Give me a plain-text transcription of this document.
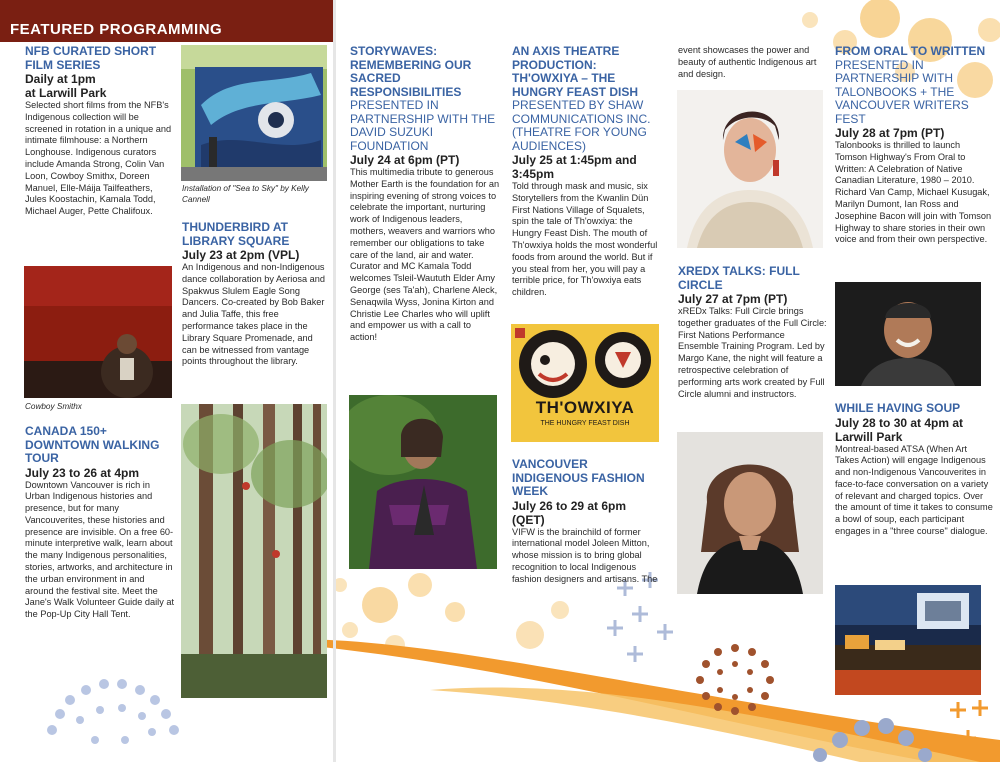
FEATURED PROGRAMMING
NFB CURATED SHORT FILM SERIES
Daily at 1pm
at Larwill Park
Selected short films from the NFB's Indigenous collection will be screened in rotation in a unique and intimate filmhouse: a Northern Longhouse. Indigenous curators include Amanda Strong, Colin Van Loon, Cowboy Smithx, Doreen Manuel, Elle-Máija Tailfeathers, Jules Koostachin, Kamala Todd, Michael Auger, Pette Chalifoux.
Cowboy Smithx
CANADA 150+ DOWNTOWN WALKING TOUR
July 23 to 26 at 4pm
Downtown Vancouver is rich in Urban Indigenous histories and presence, but for many Vancouverites, these histories and presence are invisible. On a free 60-minute interpretive walk, learn about the many Indigenous personalities, stories, artworks, and architecture in the urban environment in and around the festival site. Meet the Jane's Walk Volunteer Guide daily at the Pop-Up City Hall Tent.
Installation of "Sea to Sky" by Kelly Cannell
THUNDERBIRD AT LIBRARY SQUARE
July 23 at 2pm (VPL)
An Indigenous and non-Indigenous dance collaboration by Aeriosa and Spakwus Slulem Eagle Song Dancers. Co-created by Bob Baker and Julia Taffe, this free performance takes place in the Library Square Promenade, and can be witnessed from vantage points throughout the library.
STORYWAVES: REMEMBERING OUR SACRED RESPONSIBILITIES
PRESENTED IN PARTNERSHIP WITH THE DAVID SUZUKI FOUNDATION
July 24 at 6pm (PT)
This multimedia tribute to generous Mother Earth is the foundation for an inspiring evening of strong voices to celebrate the important, nurturing work of Indigenous leaders, mothers, weavers and warriors who remember our obligations to take care of the land, air and water. Curator and MC Kamala Todd welcomes Tsleil-Waututh Elder Amy George (ses Ta'ah), Charlene Aleck, Senaqwila Wyss, Jonina Kirton and Christie Lee Charles who will uplift and empower us with a call to action!
AN AXIS THEATRE PRODUCTION: TH'OWXIYA – THE HUNGRY FEAST DISH
PRESENTED BY SHAW COMMUNICATIONS INC. (THEATRE FOR YOUNG AUDIENCES)
July 25 at 1:45pm and 3:45pm
Told through mask and music, six Storytellers from the Kwanlin Dün First Nations Village of Squalets, spin the tale of Th'owxiya: the Hungry Feast Dish. The mouth of Th'owxiya holds the most wonderful foods from around the world. But if you steal from her, you will pay a terrible price, for Th'owxiya eats children.
TH'OWXIYA
THE HUNGRY FEAST DISH
VANCOUVER INDIGENOUS FASHION WEEK
July 26 to 29 at 6pm (QET)
VIFW is the brainchild of former international model Joleen Mitton, whose mission is to bring global recognition to local Indigenous fashion designers and artisans. The
event showcases the power and beauty of authentic Indigenous art and design.
XREDX TALKS: FULL CIRCLE
July 27 at 7pm (PT)
xREDx Talks: Full Circle brings together graduates of the Full Circle: First Nations Performance Ensemble Training Program. Led by Margo Kane, the night will feature a retrospective celebration of performing arts work created by Full Circle alumni and instructors.
FROM ORAL TO WRITTEN
PRESENTED IN PARTNERSHIP WITH TALONBOOKS + THE VANCOUVER WRITERS FEST
July 28 at 7pm (PT)
Talonbooks is thrilled to launch Tomson Highway's From Oral to Written: A Celebration of Native Canadian Literature, 1980 – 2010. Richard Van Camp, Michael Kusugak, Marilyn Dumont, Ian Ross and Josephine Bacon will join with Tomson Highway to share stories in their own voice and from their own perspective.
WHILE HAVING SOUP
July 28 to 30 at 4pm at
Larwill Park
Montreal-based ATSA (When Art Takes Action) will engage Indigenous and non-Indigenous Vancouverites in face-to-face conversation on a variety of relevant and charged topics. Over the amount of time it takes to consume a bowl of soup, each participant engages in a "three course" dialogue.
